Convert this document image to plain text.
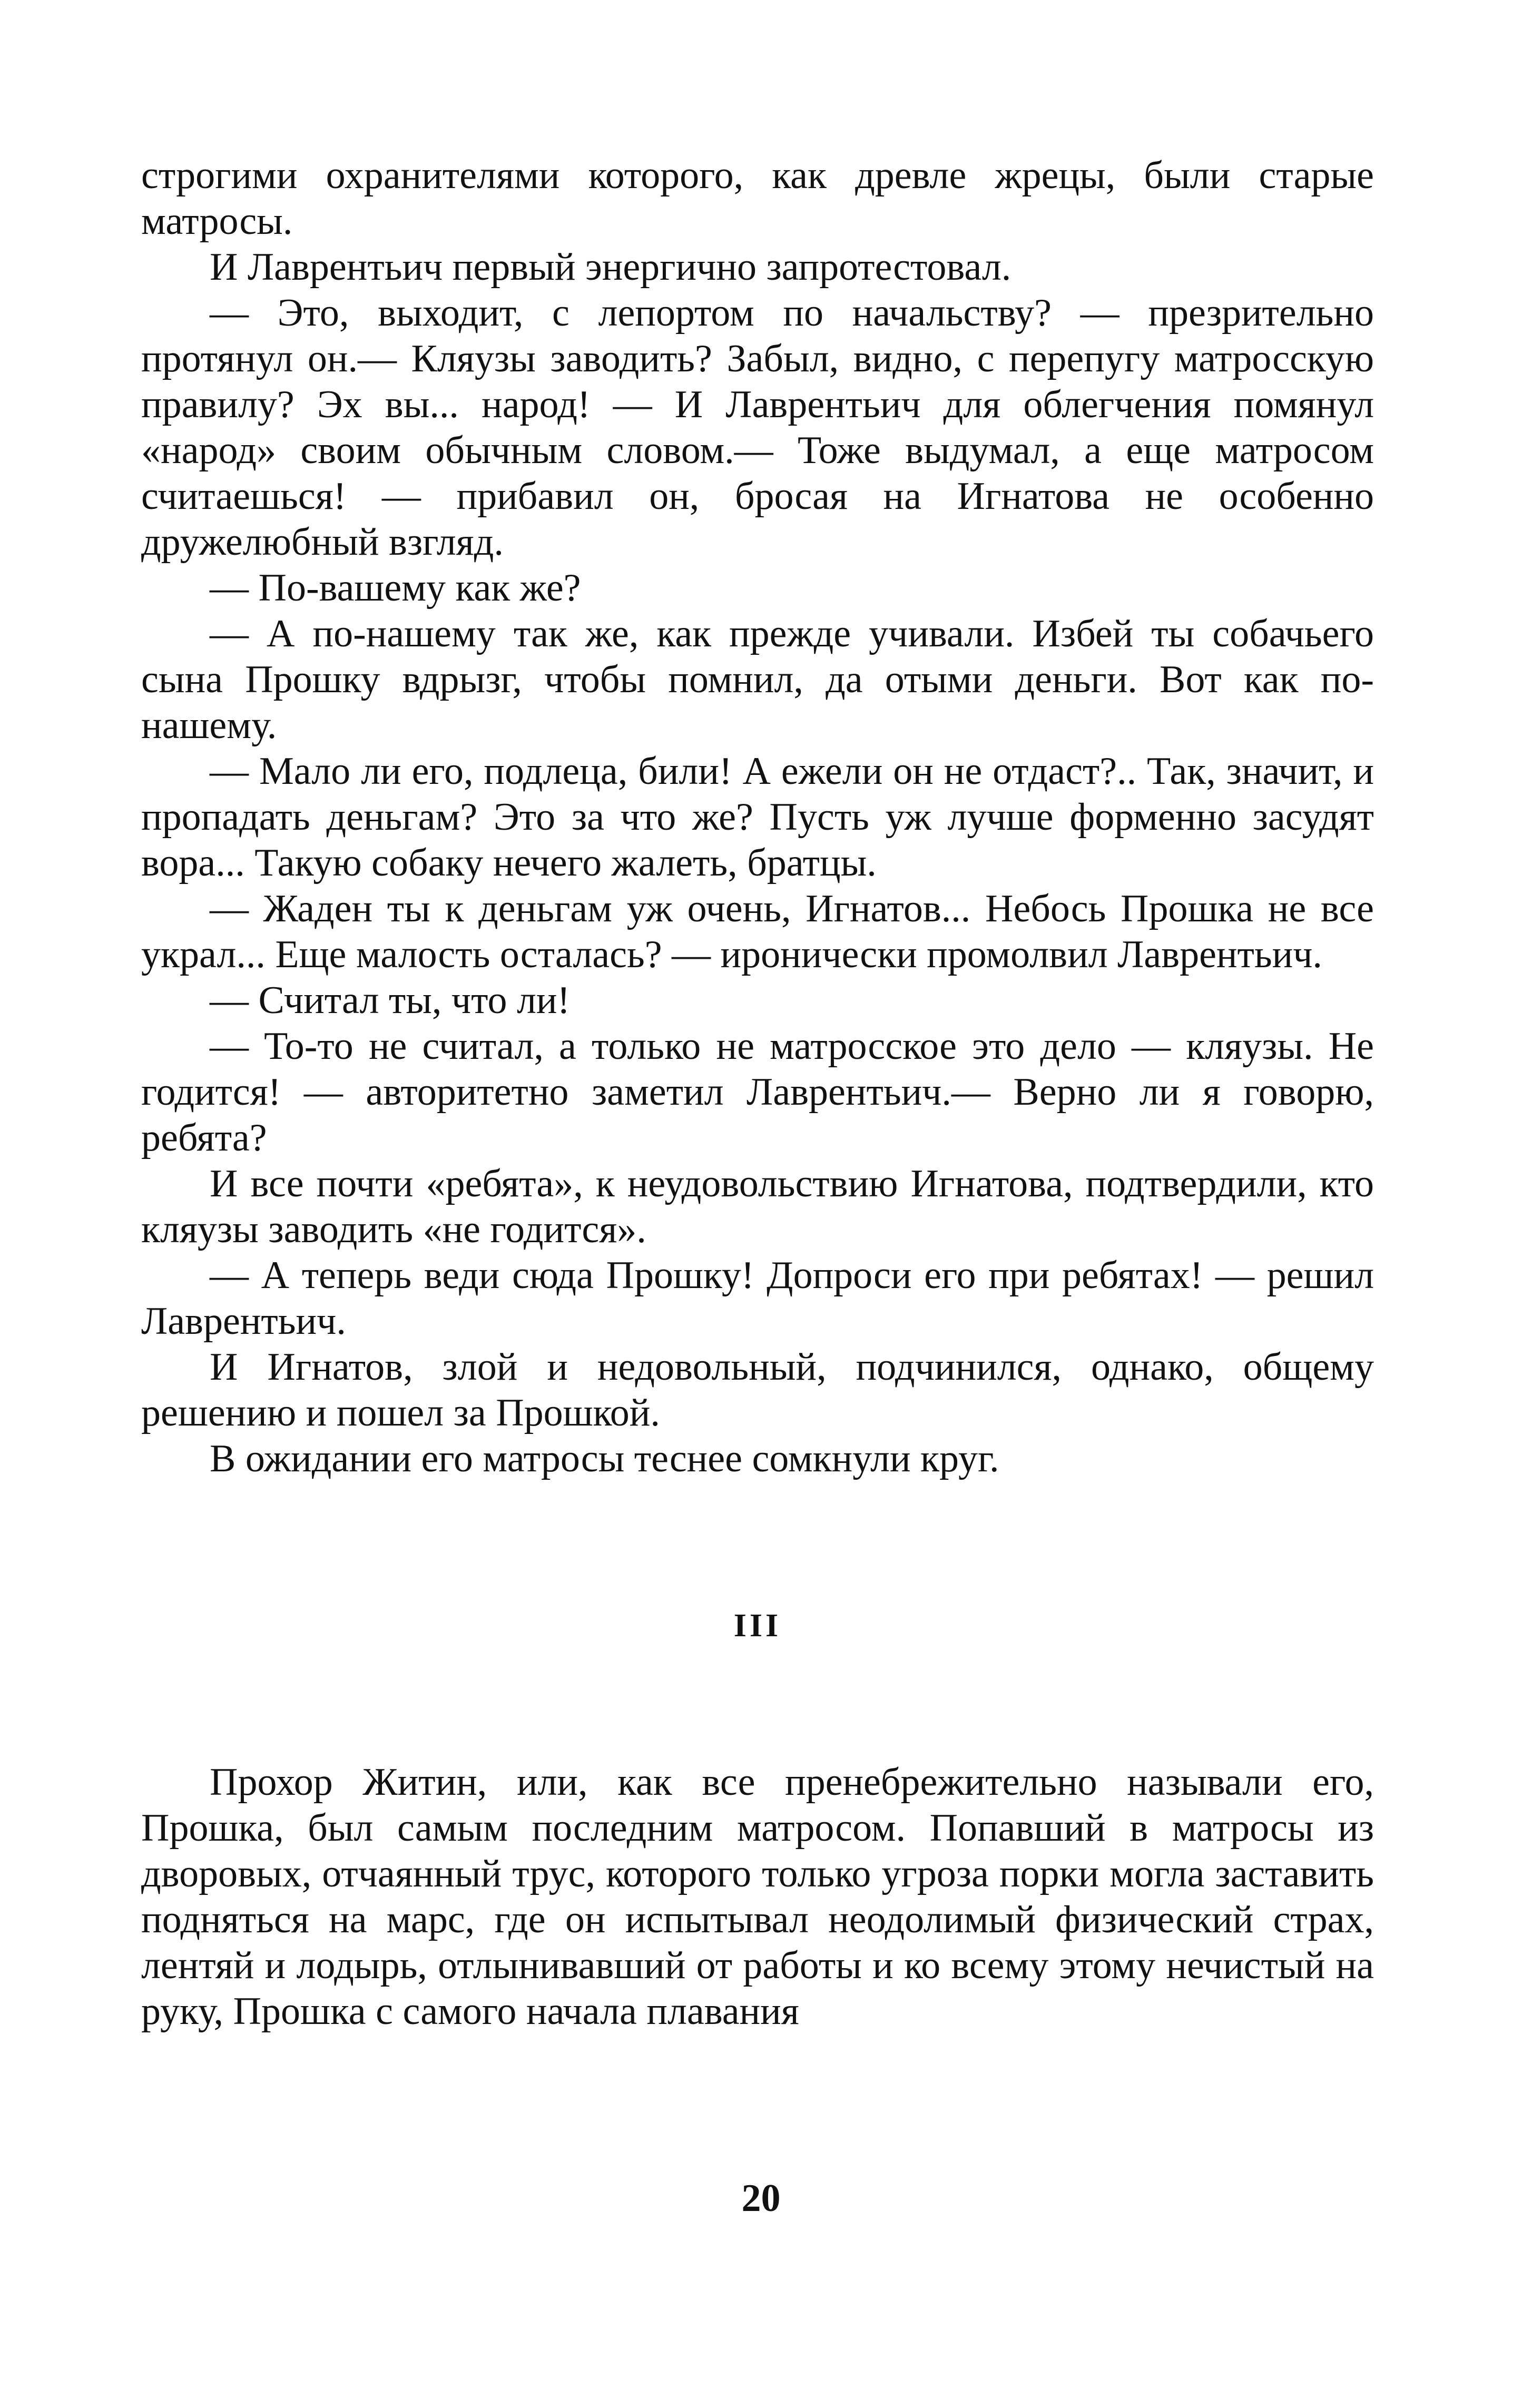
строгими охранителями которого, как древле жрецы, были старые матросы.

И Лаврентьич первый энергично запротестовал.

— Это, выходит, с лепортом по начальству? — презрительно протянул он.— Кляузы заводить? Забыл, видно, с перепугу матросскую правилу? Эх вы... народ! — И Лаврентьич для облегчения помянул «народ» своим обычным словом.— Тоже выдумал, а еще матросом считаешься! — прибавил он, бросая на Игнатова не особенно дружелюбный взгляд.

— По-вашему как же?

— А по-нашему так же, как прежде учивали. Избей ты собачьего сына Прошку вдрызг, чтобы помнил, да отыми деньги. Вот как по-нашему.

— Мало ли его, подлеца, били! А ежели он не отдаст?.. Так, значит, и пропадать деньгам? Это за что же? Пусть уж лучше форменно засудят вора... Такую собаку нечего жалеть, братцы.

— Жаден ты к деньгам уж очень, Игнатов... Небось Прошка не все украл... Еще малость осталась? — иронически промолвил Лаврентьич.

— Считал ты, что ли!

— То-то не считал, а только не матросское это дело — кляузы. Не годится! — авторитетно заметил Лаврентьич.— Верно ли я говорю, ребята?

И все почти «ребята», к неудовольствию Игнатова, подтвердили, кто кляузы заводить «не годится».

— А теперь веди сюда Прошку! Допроси его при ребятах! — решил Лаврентьич.

И Игнатов, злой и недовольный, подчинился, однако, общему решению и пошел за Прошкой.

В ожидании его матросы теснее сомкнули круг.

III

Прохор Житин, или, как все пренебрежительно называли его, Прошка, был самым последним матросом. Попавший в матросы из дворовых, отчаянный трус, которого только угроза порки могла заставить подняться на марс, где он испытывал неодолимый физический страх, лентяй и лодырь, отлынивавший от работы и ко всему этому нечистый на руку, Прошка с самого начала плавания

20
